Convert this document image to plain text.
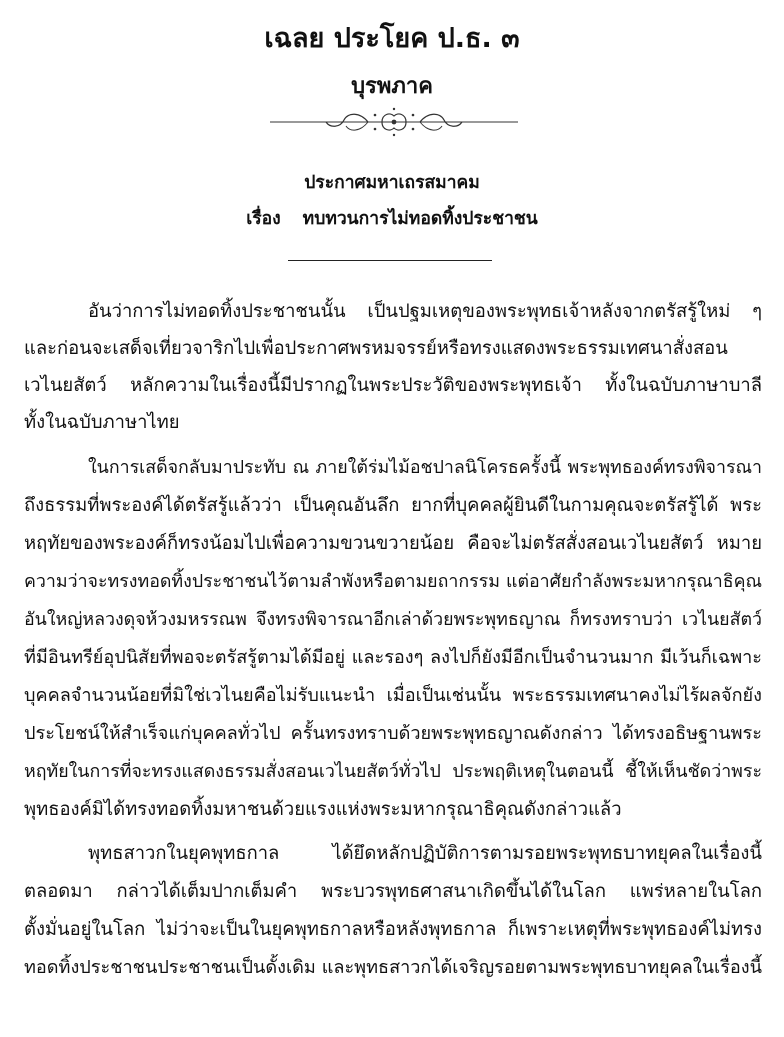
เฉลย ประโยค ป.ธ. ๓
บุรพภาค
ประกาศมหาเถรสมาคม
เรื่อง ทบทวนการไม่ทอดทิ้งประชาชน
อันว่าการไม่ทอดทิ้งประชาชนนั้น เป็นปฐมเหตุของพระพุทธเจ้าหลังจากตรัสรู้ใหม่ ๆ
และก่อนจะเสด็จเที่ยวจาริกไปเพื่อประกาศพรหมจรรย์หรือทรงแสดงพระธรรมเทศนาสั่งสอน
เวไนยสัตว์ หลักความในเรื่องนี้มีปรากฏในพระประวัติของพระพุทธเจ้า ทั้งในฉบับภาษาบาลี
ทั้งในฉบับภาษาไทย
ในการเสด็จกลับมาประทับ ณ ภายใต้ร่มไม้อชปาลนิโครธครั้งนี้ พระพุทธองค์ทรงพิจารณา
ถึงธรรมที่พระองค์ได้ตรัสรู้แล้วว่า เป็นคุณอันลึก ยากที่บุคคลผู้ยินดีในกามคุณจะตรัสรู้ได้ พระ
หฤทัยของพระองค์ก็ทรงน้อมไปเพื่อความขวนขวายน้อย คือจะไม่ตรัสสั่งสอนเวไนยสัตว์ หมาย
ความว่าจะทรงทอดทิ้งประชาชนไว้ตามลำพังหรือตามยถากรรม แต่อาศัยกำลังพระมหากรุณาธิคุณ
อันใหญ่หลวงดุจห้วงมหรรณพ จึงทรงพิจารณาอีกเล่าด้วยพระพุทธญาณ ก็ทรงทราบว่า เวไนยสัตว์
ที่มีอินทรีย์อุปนิสัยที่พอจะตรัสรู้ตามได้มีอยู่ และรองๆ ลงไปก็ยังมีอีกเป็นจำนวนมาก มีเว้นก็เฉพาะ
บุคคลจำนวนน้อยที่มิใช่เวไนยคือไม่รับแนะนำ เมื่อเป็นเช่นนั้น พระธรรมเทศนาคงไม่ไร้ผลจักยัง
ประโยชน์ให้สำเร็จแก่บุคคลทั่วไป ครั้นทรงทราบด้วยพระพุทธญาณดังกล่าว ได้ทรงอธิษฐานพระ
หฤทัยในการที่จะทรงแสดงธรรมสั่งสอนเวไนยสัตว์ทั่วไป ประพฤติเหตุในตอนนี้ ชี้ให้เห็นชัดว่าพระ
พุทธองค์มิได้ทรงทอดทิ้งมหาชนด้วยแรงแห่งพระมหากรุณาธิคุณดังกล่าวแล้ว
พุทธสาวกในยุคพุทธกาล ได้ยึดหลักปฏิบัติการตามรอยพระพุทธบาทยุคลในเรื่องนี้
ตลอดมา กล่าวได้เต็มปากเต็มคำ พระบวรพุทธศาสนาเกิดขึ้นได้ในโลก แพร่หลายในโลก
ตั้งมั่นอยู่ในโลก ไม่ว่าจะเป็นในยุคพุทธกาลหรือหลังพุทธกาล ก็เพราะเหตุที่พระพุทธองค์ไม่ทรง
ทอดทิ้งประชาชนประชาชนเป็นดั้งเดิม และพุทธสาวกได้เจริญรอยตามพระพุทธบาทยุคลในเรื่องนี้
